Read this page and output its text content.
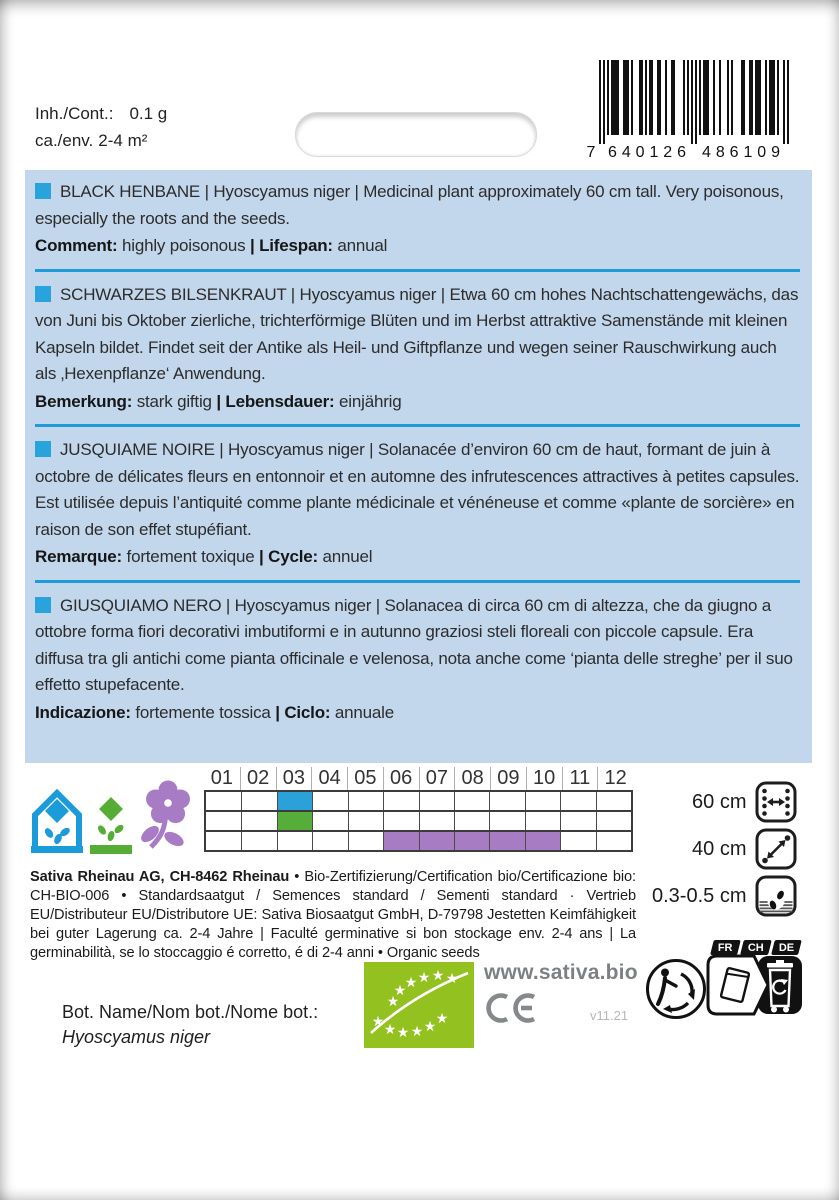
Inh./Cont.: 0.1 g
ca./env. 2-4 m²
7 640126 486109

BLACK HENBANE | Hyoscyamus niger | Medicinal plant approximately 60 cm tall. Very poisonous, especially the roots and the seeds.

Comment: highly poisonous | Lifespan: annual

SCHWARZES BILSENKRAUT | Hyoscyamus niger | Etwa 60 cm hohes Nachtschattengewächs, das von Juni bis Oktober zierliche, trichterförmige Blüten und im Herbst attraktive Samenstände mit kleinen Kapseln bildet. Findet seit der Antike als Heil- und Giftpflanze und wegen seiner Rauschwirkung auch als ‚Hexenpflanze‘ Anwendung.

Bemerkung: stark giftig | Lebensdauer: einjährig

JUSQUIAME NOIRE | Hyoscyamus niger | Solanacée d’environ 60 cm de haut, formant de juin à octobre de délicates fleurs en entonnoir et en automne des infrutescences attractives à petites capsules. Est utilisée depuis l’antiquité comme plante médicinale et vénéneuse et comme «plante de sorcière» en raison de son effet stupéfiant.

Remarque: fortement toxique | Cycle: annuel

GIUSQUIAMO NERO | Hyoscyamus niger | Solanacea di circa 60 cm di altezza, che da giugno a ottobre forma fiori decorativi imbutiformi e in autunno graziosi steli floreali con piccole capsule. Era diffusa tra gli antichi come pianta officinale e velenosa, nota anche come ‘pianta delle streghe’ per il suo effetto stupefacente.

Indicazione: fortemente tossica | Ciclo: annuale

01 02 03 04 05 06 07 08 09 10 11 12
60 cm
40 cm
0.3-0.5 cm

Sativa Rheinau AG, CH-8462 Rheinau • Bio-Zertifizierung/Certification bio/Certificazione bio: CH-BIO-006 • Standardsaatgut / Semences standard / Sementi standard · Vertrieb EU/Distributeur EU/Distributore UE: Sativa Biosaatgut GmbH, D-79798 Jestetten Keimfähigkeit bei guter Lagerung ca. 2-4 Jahre | Faculté germinative si bon stockage env. 2-4 ans | La germinabilità, se lo stoccaggio é corretto, é di 2-4 anni • Organic seeds

Bot. Name/Nom bot./Nome bot.:
Hyoscyamus niger
★ ★ ★ ★ ★ ★
★
★
★ ★ ★ ★ www.sativa.bio
v11.21
FR	CH	DE
